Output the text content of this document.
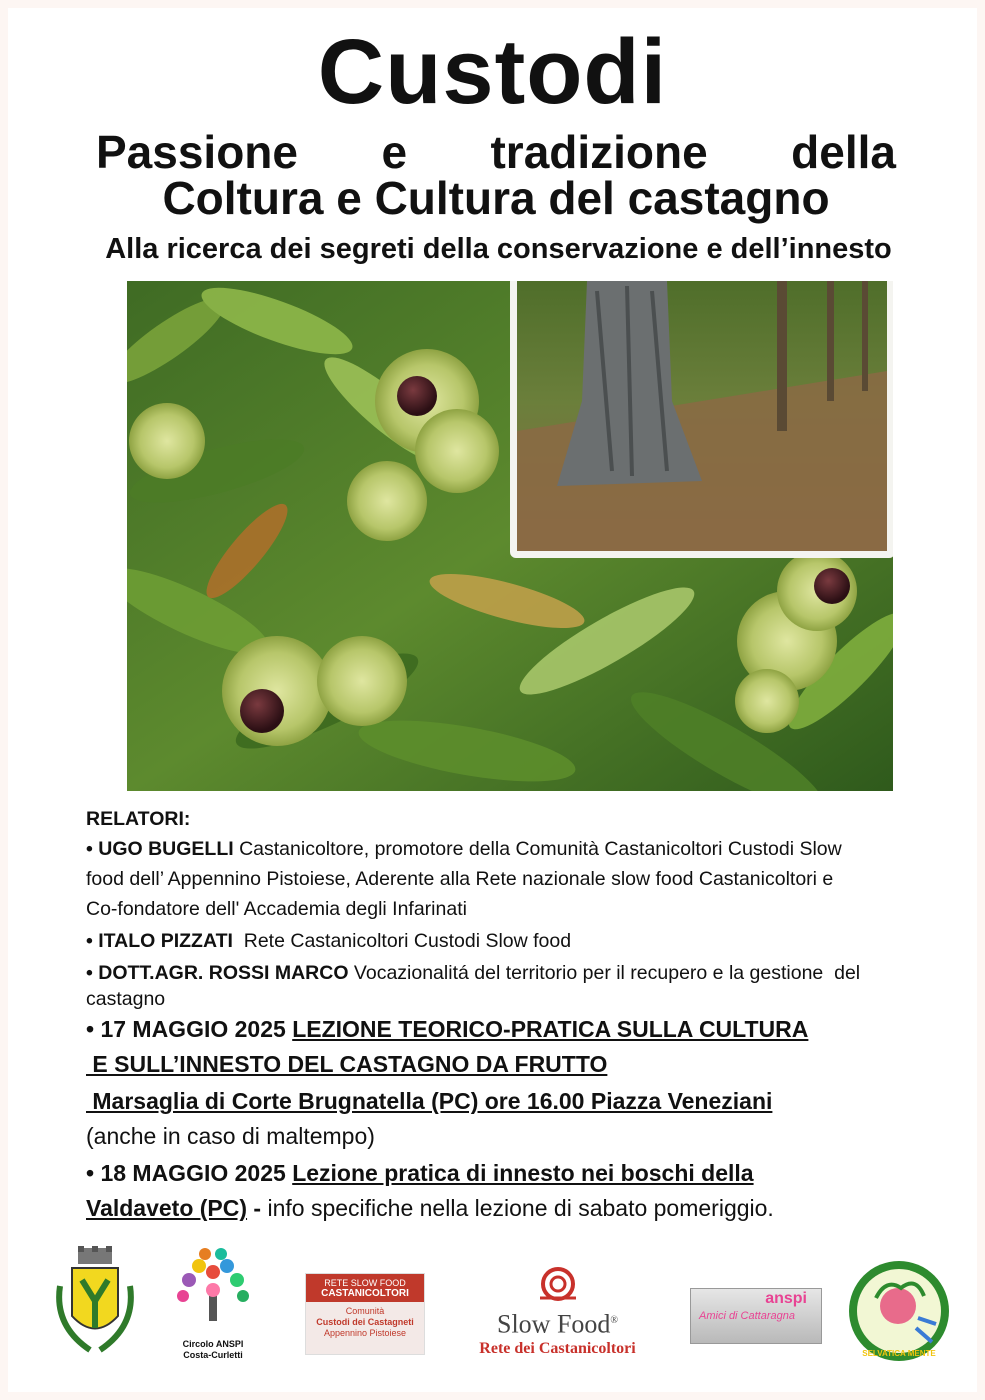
Custodi
Passione e tradizione della
Coltura e Cultura del castagno
Alla ricerca dei segreti della conservazione e dell’innesto
RELATORI:
• UGO BUGELLI Castanicoltore, promotore della Comunità Castanicoltori Custodi Slow
food dell’ Appennino Pistoiese, Aderente alla Rete nazionale slow food Castanicoltori e
Co-fondatore dell' Accademia degli Infarinati
• ITALO PIZZATI  Rete Castanicoltori Custodi Slow food
• DOTT.AGR. ROSSI MARCO Vocazionalitá del territorio per il recupero e la gestione  del
castagno
• 17 MAGGIO 2025 LEZIONE TEORICO-PRATICA SULLA CULTURA
E SULL’INNESTO DEL CASTAGNO DA FRUTTO
Marsaglia di Corte Brugnatella (PC) ore 16.00 Piazza Veneziani
(anche in caso di maltempo)
• 18 MAGGIO 2025 Lezione pratica di innesto nei boschi della
Valdaveto (PC) - info specifiche nella lezione di sabato pomeriggio.
Circolo ANSPI
Costa-Curletti
RETE SLOW FOOD
CASTANICOLTORI
Comunità
Custodi dei Castagneti
Appennino Pistoiese	Slow Food®
Rete dei Castanicoltori
anspi
Amici di Cattaragna
SELVATICA MENTE
